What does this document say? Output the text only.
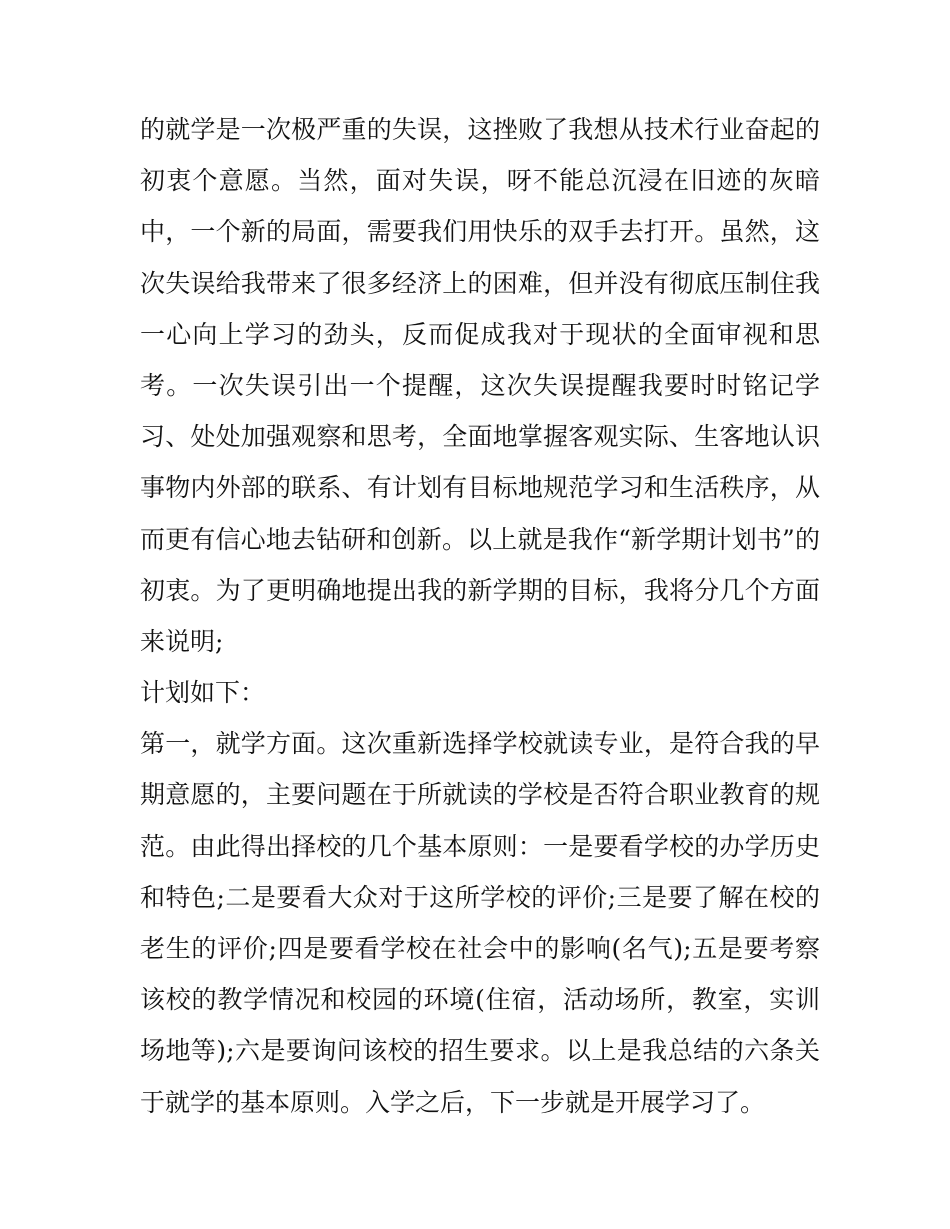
的就学是一次极严重的失误，这挫败了我想从技术行业奋起的
初衷个意愿。当然，面对失误，呀不能总沉浸在旧迹的灰暗
中，一个新的局面，需要我们用快乐的双手去打开。虽然，这
次失误给我带来了很多经济上的困难，但并没有彻底压制住我
一心向上学习的劲头，反而促成我对于现状的全面审视和思
考。一次失误引出一个提醒，这次失误提醒我要时时铭记学
习、处处加强观察和思考，全面地掌握客观实际、生客地认识
事物内外部的联系、有计划有目标地规范学习和生活秩序，从
而更有信心地去钻研和创新。以上就是我作“新学期计划书”的
初衷。为了更明确地提出我的新学期的目标，我将分几个方面
来说明;
计划如下：
第一，就学方面。这次重新选择学校就读专业，是符合我的早
期意愿的，主要问题在于所就读的学校是否符合职业教育的规
范。由此得出择校的几个基本原则：一是要看学校的办学历史
和特色;二是要看大众对于这所学校的评价;三是要了解在校的
老生的评价;四是要看学校在社会中的影响(名气);五是要考察
该校的教学情况和校园的环境(住宿，活动场所，教室，实训
场地等);六是要询问该校的招生要求。以上是我总结的六条关
于就学的基本原则。入学之后，下一步就是开展学习了。
